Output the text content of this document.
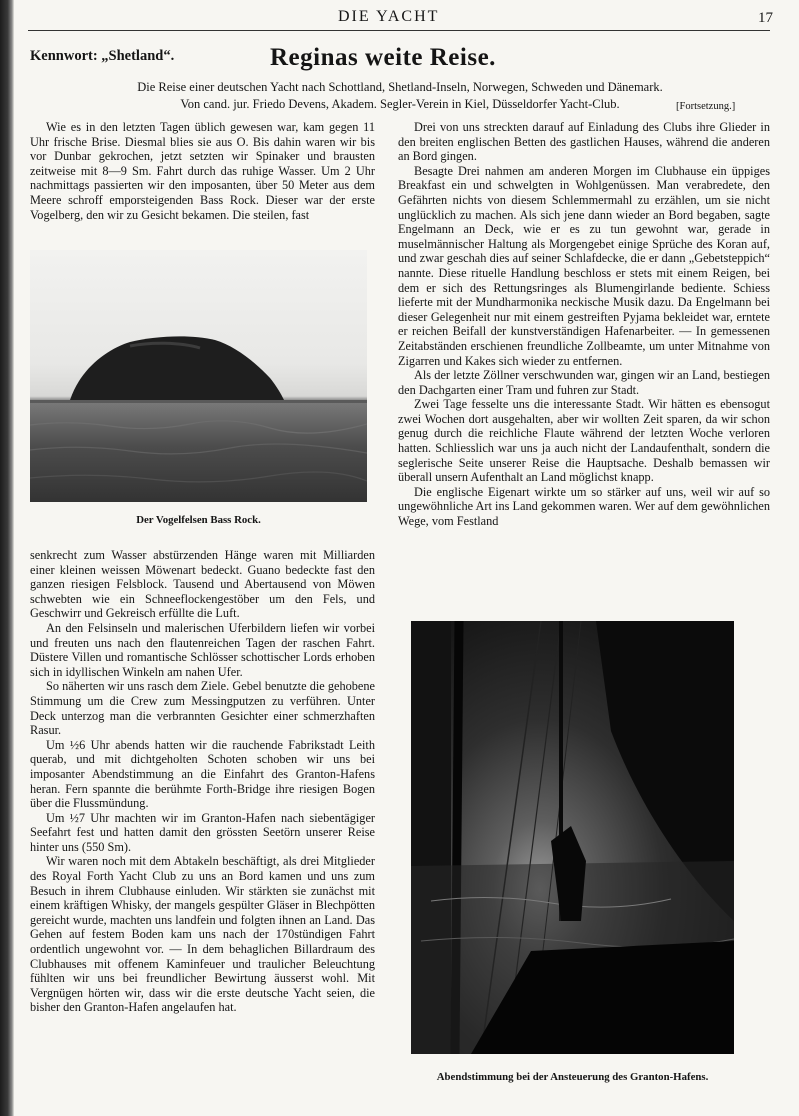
DIE YACHT	17
Kennwort: „Shetland“.	Reginas weite Reise.
Die Reise einer deutschen Yacht nach Schottland, Shetland-Inseln, Norwegen, Schweden und Dänemark.
Von cand. jur. Friedo Devens, Akadem. Segler-Verein in Kiel, Düsseldorfer Yacht-Club.	[Fortsetzung.]

Wie es in den letzten Tagen üblich gewesen war, kam gegen 11 Uhr frische Brise. Diesmal blies sie aus O. Bis dahin waren wir bis vor Dunbar gekrochen, jetzt setzten wir Spinaker und brausten zeitweise mit 8—9 Sm. Fahrt durch das ruhige Wasser. Um 2 Uhr nachmittags passierten wir den imposanten, über 50 Meter aus dem Meere schroff emporsteigenden Bass Rock. Dieser war der erste Vogelberg, den wir zu Gesicht bekamen. Die steilen, fast

Der Vogelfelsen Bass Rock.

senkrecht zum Wasser abstürzenden Hänge waren mit Milliarden einer kleinen weissen Möwenart bedeckt. Guano bedeckte fast den ganzen riesigen Felsblock. Tausend und Abertausend von Möwen schwebten wie ein Schneeflockengestöber um den Fels, und Geschwirr und Gekreisch erfüllte die Luft.

An den Felsinseln und malerischen Uferbildern liefen wir vorbei und freuten uns nach den flautenreichen Tagen der raschen Fahrt. Düstere Villen und romantische Schlösser schottischer Lords erhoben sich in idyllischen Winkeln am nahen Ufer.

So näherten wir uns rasch dem Ziele. Gebel benutzte die gehobene Stimmung um die Crew zum Messingputzen zu verführen. Unter Deck unterzog man die verbrannten Gesichter einer schmerzhaften Rasur.

Um ½6 Uhr abends hatten wir die rauchende Fabrikstadt Leith querab, und mit dichtgeholten Schoten schoben wir uns bei imposanter Abendstimmung an die Einfahrt des Granton-Hafens heran. Fern spannte die berühmte Forth-Bridge ihre riesigen Bogen über die Flussmündung.

Um ½7 Uhr machten wir im Granton-Hafen nach siebentägiger Seefahrt fest und hatten damit den grössten Seetörn unserer Reise hinter uns (550 Sm).

Wir waren noch mit dem Abtakeln beschäftigt, als drei Mitglieder des Royal Forth Yacht Club zu uns an Bord kamen und uns zum Besuch in ihrem Clubhause einluden. Wir stärkten sie zunächst mit einem kräftigen Whisky, der mangels gespülter Gläser in Blechpötten gereicht wurde, machten uns landfein und folgten ihnen an Land. Das Gehen auf festem Boden kam uns nach der 170stündigen Fahrt ordentlich ungewohnt vor. — In dem behaglichen Billardraum des Clubhauses mit offenem Kaminfeuer und traulicher Beleuchtung fühlten wir uns bei freundlicher Bewirtung äusserst wohl. Mit Vergnügen hörten wir, dass wir die erste deutsche Yacht seien, die bisher den Granton-Hafen angelaufen hat.

Drei von uns streckten darauf auf Einladung des Clubs ihre Glieder in den breiten englischen Betten des gastlichen Hauses, während die anderen an Bord gingen.

Besagte Drei nahmen am anderen Morgen im Clubhause ein üppiges Breakfast ein und schwelgten in Wohlgenüssen. Man verabredete, den Gefährten nichts von diesem Schlemmermahl zu erzählen, um sie nicht unglücklich zu machen. Als sich jene dann wieder an Bord begaben, sagte Engelmann an Deck, wie er es zu tun gewohnt war, gerade in muselmännischer Haltung als Morgengebet einige Sprüche des Koran auf, und zwar geschah dies auf seiner Schlafdecke, die er dann „Gebetsteppich“ nannte. Diese rituelle Handlung beschloss er stets mit einem Reigen, bei dem er sich des Rettungsringes als Blumengirlande bediente. Schiess lieferte mit der Mundharmonika neckische Musik dazu. Da Engelmann bei dieser Gelegenheit nur mit einem gestreiften Pyjama bekleidet war, erntete er reichen Beifall der kunstverständigen Hafenarbeiter. — In gemessenen Zeitabständen erschienen freundliche Zollbeamte, um unter Mitnahme von Zigarren und Kakes sich wieder zu entfernen.

Als der letzte Zöllner verschwunden war, gingen wir an Land, bestiegen den Dachgarten einer Tram und fuhren zur Stadt.

Zwei Tage fesselte uns die interessante Stadt. Wir hätten es ebensogut zwei Wochen dort ausgehalten, aber wir wollten Zeit sparen, da wir schon genug durch die reichliche Flaute während der letzten Woche verloren hatten. Schliesslich war uns ja auch nicht der Landaufenthalt, sondern die seglerische Seite unserer Reise die Hauptsache. Deshalb bemassen wir überall unsern Aufenthalt an Land möglichst knapp.

Die englische Eigenart wirkte um so stärker auf uns, weil wir auf so ungewöhnliche Art ins Land gekommen waren. Wer auf dem gewöhnlichen Wege, vom Festland

Abendstimmung bei der Ansteuerung des Granton-Hafens.
